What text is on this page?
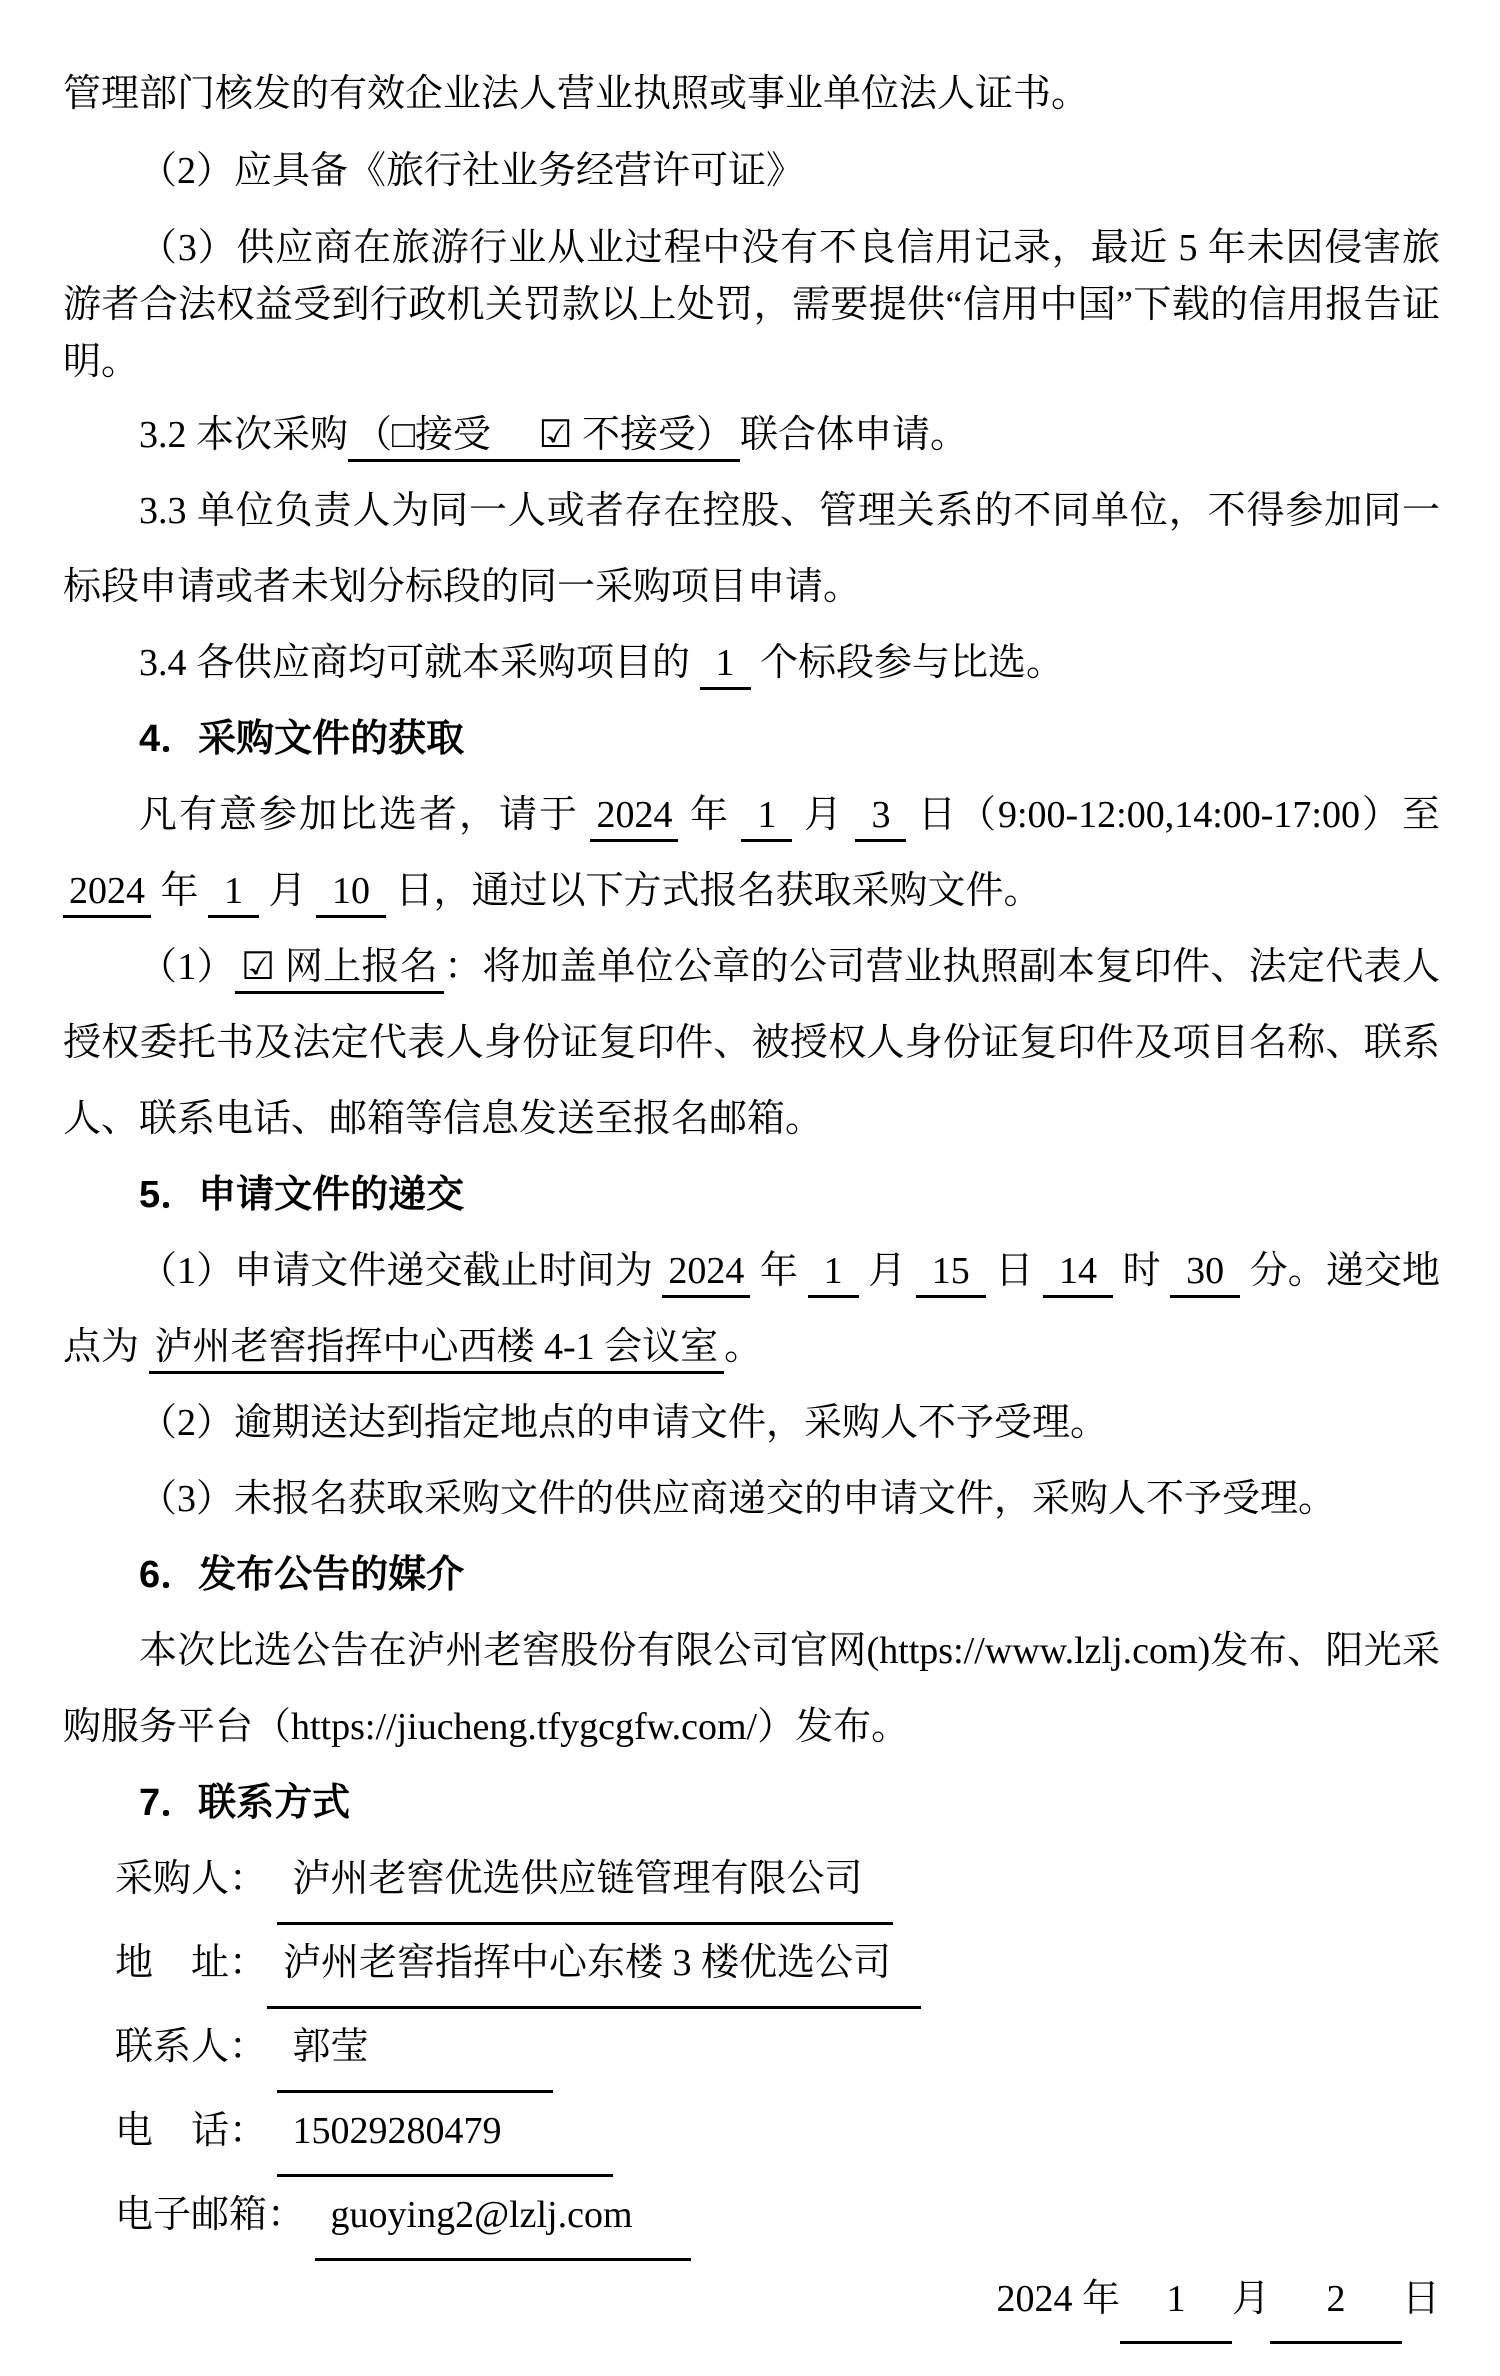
管理部门核发的有效企业法人营业执照或事业单位法人证书。

（2）应具备《旅行社业务经营许可证》

（3）供应商在旅游行业从业过程中没有不良信用记录，最近 5 年未因侵害旅游者合法权益受到行政机关罚款以上处罚，需要提供“信用中国”下载的信用报告证明。

3.2 本次采购 （□接受　 ☑ 不接受） 联合体申请。

3.3 单位负责人为同一人或者存在控股、管理关系的不同单位，不得参加同一标段申请或者未划分标段的同一采购项目申请。

3.4 各供应商均可就本采购项目的 1 个标段参与比选。

4．采购文件的获取

凡有意参加比选者，请于 2024 年 1 月 3 日（9:00-12:00,14:00-17:00）至 2024 年 1 月 10 日，通过以下方式报名获取采购文件。

（1） ☑ 网上报名 ：将加盖单位公章的公司营业执照副本复印件、法定代表人授权委托书及法定代表人身份证复印件、被授权人身份证复印件及项目名称、联系人、联系电话、邮箱等信息发送至报名邮箱。

5．申请文件的递交

（1）申请文件递交截止时间为 2024 年 1 月 15 日 14 时 30 分。递交地点为 泸州老窖指挥中心西楼 4-1 会议室 。

（2）逾期送达到指定地点的申请文件，采购人不予受理。

（3）未报名获取采购文件的供应商递交的申请文件，采购人不予受理。

6．发布公告的媒介

本次比选公告在泸州老窖股份有限公司官网(https://www.lzlj.com)发布、阳光采购服务平台（https://jiucheng.tfygcgfw.com/）发布。

7．联系方式

采购人： 泸州老窖优选供应链管理有限公司

地　址： 泸州老窖指挥中心东楼 3 楼优选公司

联系人： 郭莹

电　话： 15029280479

电子邮箱： guoying2@lzlj.com

2024 年 1 月 2 日
